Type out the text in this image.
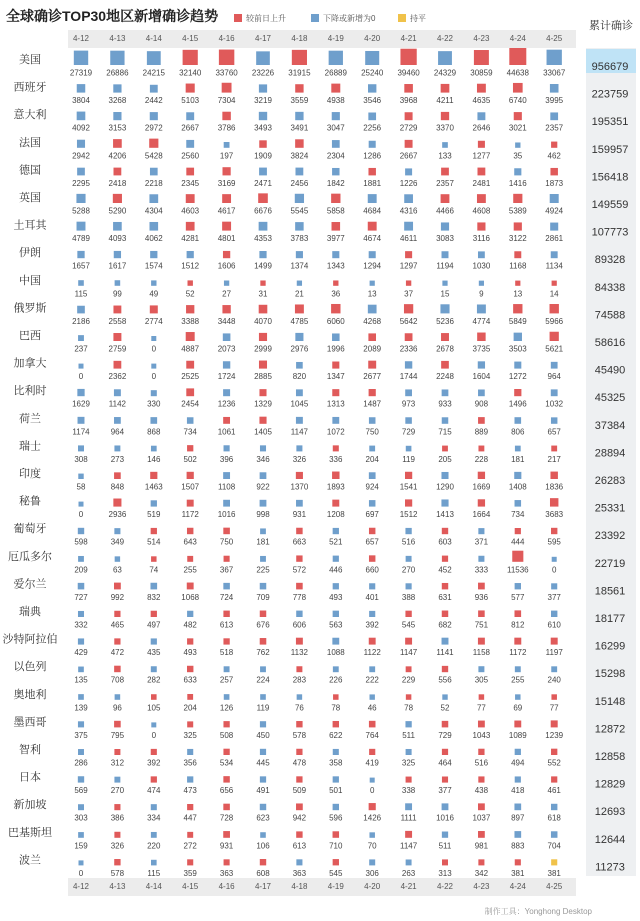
全球确诊TOP30地区新增确诊趋势	较前日上升	下降或新增为0	持平
累计确诊
4-12	4-13	4-14	4-15	4-16	4-17	4-18	4-19	4-20	4-21	4-22	4-23	4-24	4-25
4-12	4-13	4-14	4-15	4-16	4-17	4-18	4-19	4-20	4-21	4-22	4-23	4-24	4-25
美国
956679
27319 26886 24215 32140 33760 23226 31915 26889 25240 39460 24329 30859 44638 33067
西班牙
223759
3804 3268 2442 5103 7304 3219 3559 4938 3546 3968 4211 4635 6740 3995
意大利
195351
4092 3153 2972 2667 3786 3493 3491 3047 2256 2729 3370 2646 3021 2357
法国
159957
2942 4206 5428 2560	197	1909 3824 2304 1286 2667	133	1277	35	462
德国
156418
2295 2418 2218 2345 3169 2471 2456 1842 1881 1226 2357 2481 1416 1873
英国
149559
5288 5290 4304 4603 4617 6676 5545 5858 4684 4316 4466 4608 5389 4924
土耳其
107773
4789 4093 4062 4281 4801 4353 3783 3977 4674 4611 3083 3116 3122 2861
伊朗
89328
1657 1617 1574 1512 1606 1499 1374 1343 1294 1297 1194 1030 1168 1134
中国
84338
115	99	49	52	27	31	21	36	13	37	15	9	13	14
俄罗斯
74588
2186 2558 2774 3388 3448 4070 4785 6060 4268 5642 5236 4774 5849 5966
巴西
58616
237	2759	0	4887 2073 2999 2976 1996 2089 2336 2678 3735 3503 5621
加拿大
45490
0	2362	0	2525 1724 2885	820	1347 2677 1744 2248 1604 1272	964
比利时
45325
1629 1142	330	2454 1236 1329 1045 1313 1487	973	933	908	1496 1032
荷兰
37384
1174	964	868	734	1061 1405 1147 1072	750	729	715	889	806	657
瑞士
28894
308	273	146	502	396	346	326	336	204	119	205	228	181	217
印度
26283
58	848	1463 1507 1108	922	1370 1893	924	1541 1290 1669 1408 1836
秘鲁
25331
0	2936	519	1172 1016	998	931	1208	697	1512 1413 1664	734	3683
葡萄牙
23392
598	349	514	643	750	181	663	521	657	516	603	371	444	595
厄瓜多尔
22719
209	63	74	255	367	225	572	446	660	270	452	333 11536	0
爱尔兰
18561
727	992	832	1068	724	709	778	493	401	388	631	936	577	377
瑞典
18177
332	465	497	482	613	676	606	563	392	545	682	751	812	610
沙特阿拉伯
16299
429	472	435	493	518	762	1132 1088 1122 1147 1141 1158 1172 1197
以色列
15298
135	708	282	633	257	224	283	226	222	229	556	305	255	240
奥地利
15148
139	96	105	204	126	119	76	78	46	78	52	77	69	77
墨西哥
12872
375	795	0	325	508	450	578	622	764	511	729	1043 1089 1239
智利
12858
286	312	392	356	534	445	478	358	419	325	464	516	494	552
日本
12829
569	270	474	473	656	491	509	501	0	338	377	438	418	461
新加坡
12693
303	386	334	447	728	623	942	596	1426 1111 1016 1037	897	618
巴基斯坦
12644
159	326	220	272	931	106	613	710	70	1147	511	981	883	704
波兰
11273
0	578	115	359	363	608	363	545	306	263	313	342	381	381
制作工具：Yonghong Desktop
